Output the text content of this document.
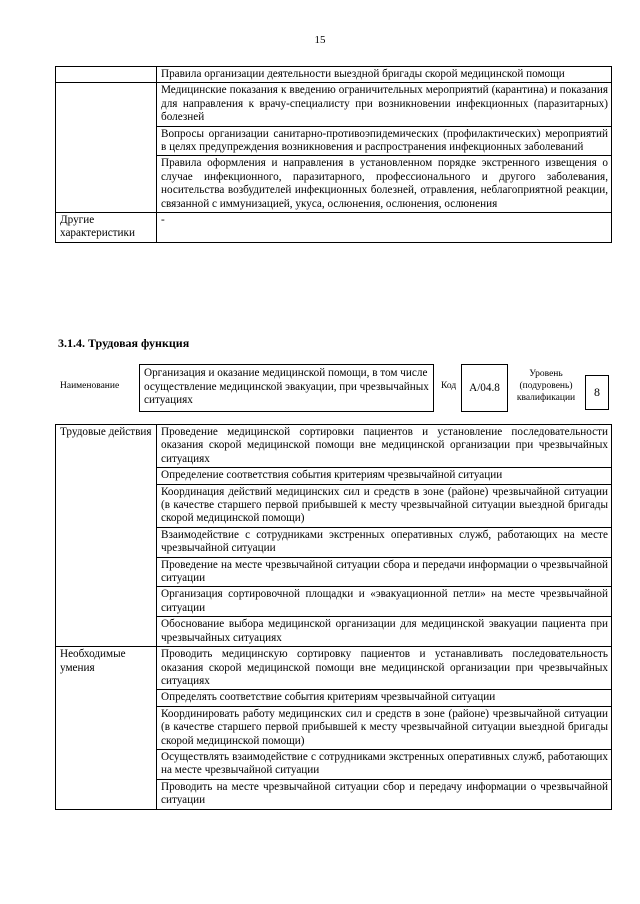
15
	Правила организации деятельности выездной бригады скорой медицинской помощи
	Медицинские показания к введению ограничительных мероприятий (карантина) и показания для направления к врачу-специалисту при возникновении инфекционных (паразитарных) болезней
	Вопросы организации санитарно-противоэпидемических (профилактических) мероприятий в целях предупреждения возникновения и распространения инфекционных заболеваний
	Правила оформления и направления в установленном порядке экстренного извещения о случае инфекционного, паразитарного, профессионального и другого заболевания, носительства возбудителей инфекционных болезней, отравления, неблагоприятной реакции, связанной с иммунизацией, укуса, ослюнения, ослюнения, ослюнения
Другие характеристики	-
3.1.4. Трудовая функция
Наименование
Организация и оказание медицинской помощи, в том числе осуществление медицинской эвакуации, при чрезвычайных ситуациях
Код	A/04.8
Уровень (подуровень) квалификации	8
Трудовые действия	Проведение медицинской сортировки пациентов и установление последовательности оказания скорой медицинской помощи вне медицинской организации при чрезвычайных ситуациях
	Определение соответствия события критериям чрезвычайной ситуации
	Координация действий медицинских сил и средств в зоне (районе) чрезвычайной ситуации (в качестве старшего первой прибывшей к месту чрезвычайной ситуации выездной бригады скорой медицинской помощи)
	Взаимодействие с сотрудниками экстренных оперативных служб, работающих на месте чрезвычайной ситуации
	Проведение на месте чрезвычайной ситуации сбора и передачи информации о чрезвычайной ситуации
	Организация сортировочной площадки и «эвакуационной петли» на месте чрезвычайной ситуации
	Обоснование выбора медицинской организации для медицинской эвакуации пациента при чрезвычайных ситуациях
Необходимые умения	Проводить медицинскую сортировку пациентов и устанавливать последовательность оказания скорой медицинской помощи вне медицинской организации при чрезвычайных ситуациях
	Определять соответствие события критериям чрезвычайной ситуации
	Координировать работу медицинских сил и средств в зоне (районе) чрезвычайной ситуации (в качестве старшего первой прибывшей к месту чрезвычайной ситуации выездной бригады скорой медицинской помощи)
	Осуществлять взаимодействие с сотрудниками экстренных оперативных служб, работающих на месте чрезвычайной ситуации
	Проводить на месте чрезвычайной ситуации сбор и передачу информации о чрезвычайной ситуации
